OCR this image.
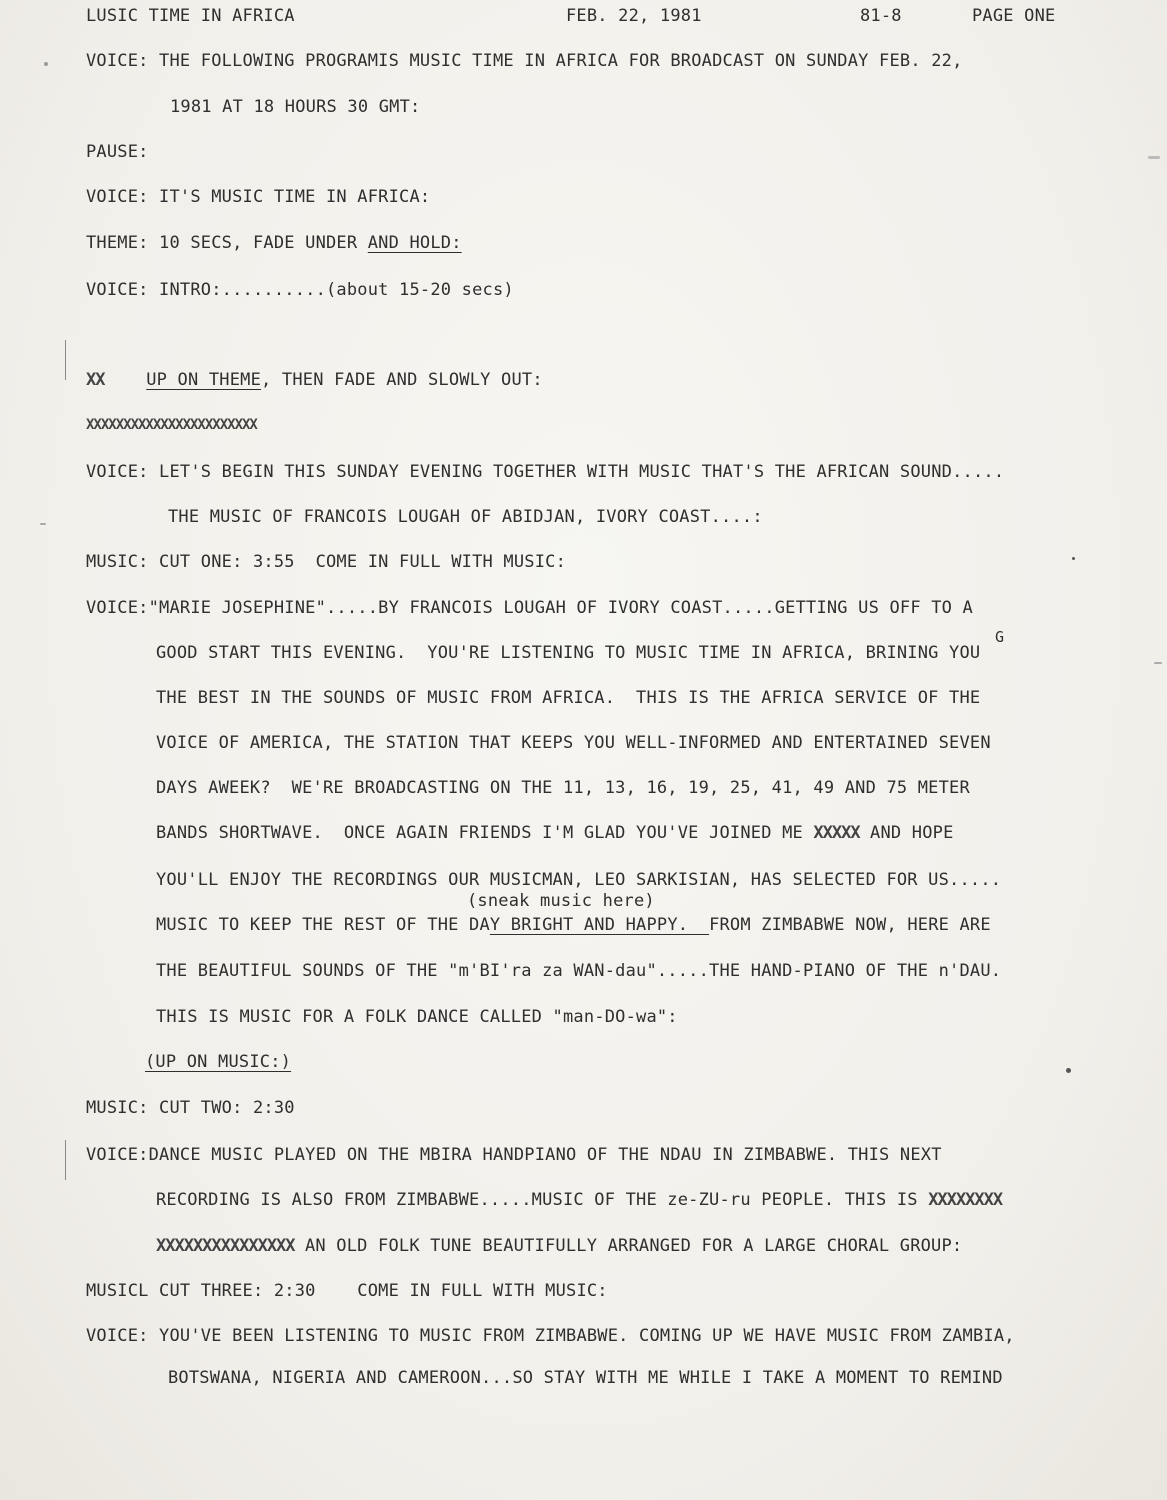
LUSIC TIME IN AFRICA	FEB. 22, 1981	81-8	PAGE ONE
VOICE: THE FOLLOWING PROGRAMIS MUSIC TIME IN AFRICA FOR BROADCAST ON SUNDAY FEB. 22,
1981 AT 18 HOURS 30 GMT:
PAUSE:
VOICE: IT'S MUSIC TIME IN AFRICA:
THEME: 10 SECS, FADE UNDER AND HOLD:
VOICE: INTRO:..........(about 15-20 secs)
XX UP ON THEME, THEN FADE AND SLOWLY OUT:
XXXXXXXXXXXXXXXXXXXXXXX
VOICE: LET'S BEGIN THIS SUNDAY EVENING TOGETHER WITH MUSIC THAT'S THE AFRICAN SOUND.....
THE MUSIC OF FRANCOIS LOUGAH OF ABIDJAN, IVORY COAST....:
MUSIC: CUT ONE: 3:55  COME IN FULL WITH MUSIC:
VOICE:"MARIE JOSEPHINE".....BY FRANCOIS LOUGAH OF IVORY COAST.....GETTING US OFF TO A
G
GOOD START THIS EVENING.  YOU'RE LISTENING TO MUSIC TIME IN AFRICA, BRINING YOU
THE BEST IN THE SOUNDS OF MUSIC FROM AFRICA.  THIS IS THE AFRICA SERVICE OF THE
VOICE OF AMERICA, THE STATION THAT KEEPS YOU WELL-INFORMED AND ENTERTAINED SEVEN
DAYS AWEEK?  WE'RE BROADCASTING ON THE 11, 13, 16, 19, 25, 41, 49 AND 75 METER
BANDS SHORTWAVE.  ONCE AGAIN FRIENDS I'M GLAD YOU'VE JOINED ME XXXXX AND HOPE
YOU'LL ENJOY THE RECORDINGS OUR MUSICMAN, LEO SARKISIAN, HAS SELECTED FOR US.....
(sneak music here)
MUSIC TO KEEP THE REST OF THE DAY BRIGHT AND HAPPY.  FROM ZIMBABWE NOW, HERE ARE
THE BEAUTIFUL SOUNDS OF THE "m'BI'ra za WAN-dau".....THE HAND-PIANO OF THE n'DAU.
THIS IS MUSIC FOR A FOLK DANCE CALLED "man-DO-wa":
(UP ON MUSIC:)
MUSIC: CUT TWO: 2:30
VOICE:DANCE MUSIC PLAYED ON THE MBIRA HANDPIANO OF THE NDAU IN ZIMBABWE. THIS NEXT
RECORDING IS ALSO FROM ZIMBABWE.....MUSIC OF THE ze-ZU-ru PEOPLE. THIS IS XXXXXXXX
XXXXXXXXXXXXXXX AN OLD FOLK TUNE BEAUTIFULLY ARRANGED FOR A LARGE CHORAL GROUP:
MUSICL CUT THREE: 2:30    COME IN FULL WITH MUSIC:
VOICE: YOU'VE BEEN LISTENING TO MUSIC FROM ZIMBABWE. COMING UP WE HAVE MUSIC FROM ZAMBIA,
BOTSWANA, NIGERIA AND CAMEROON...SO STAY WITH ME WHILE I TAKE A MOMENT TO REMIND
